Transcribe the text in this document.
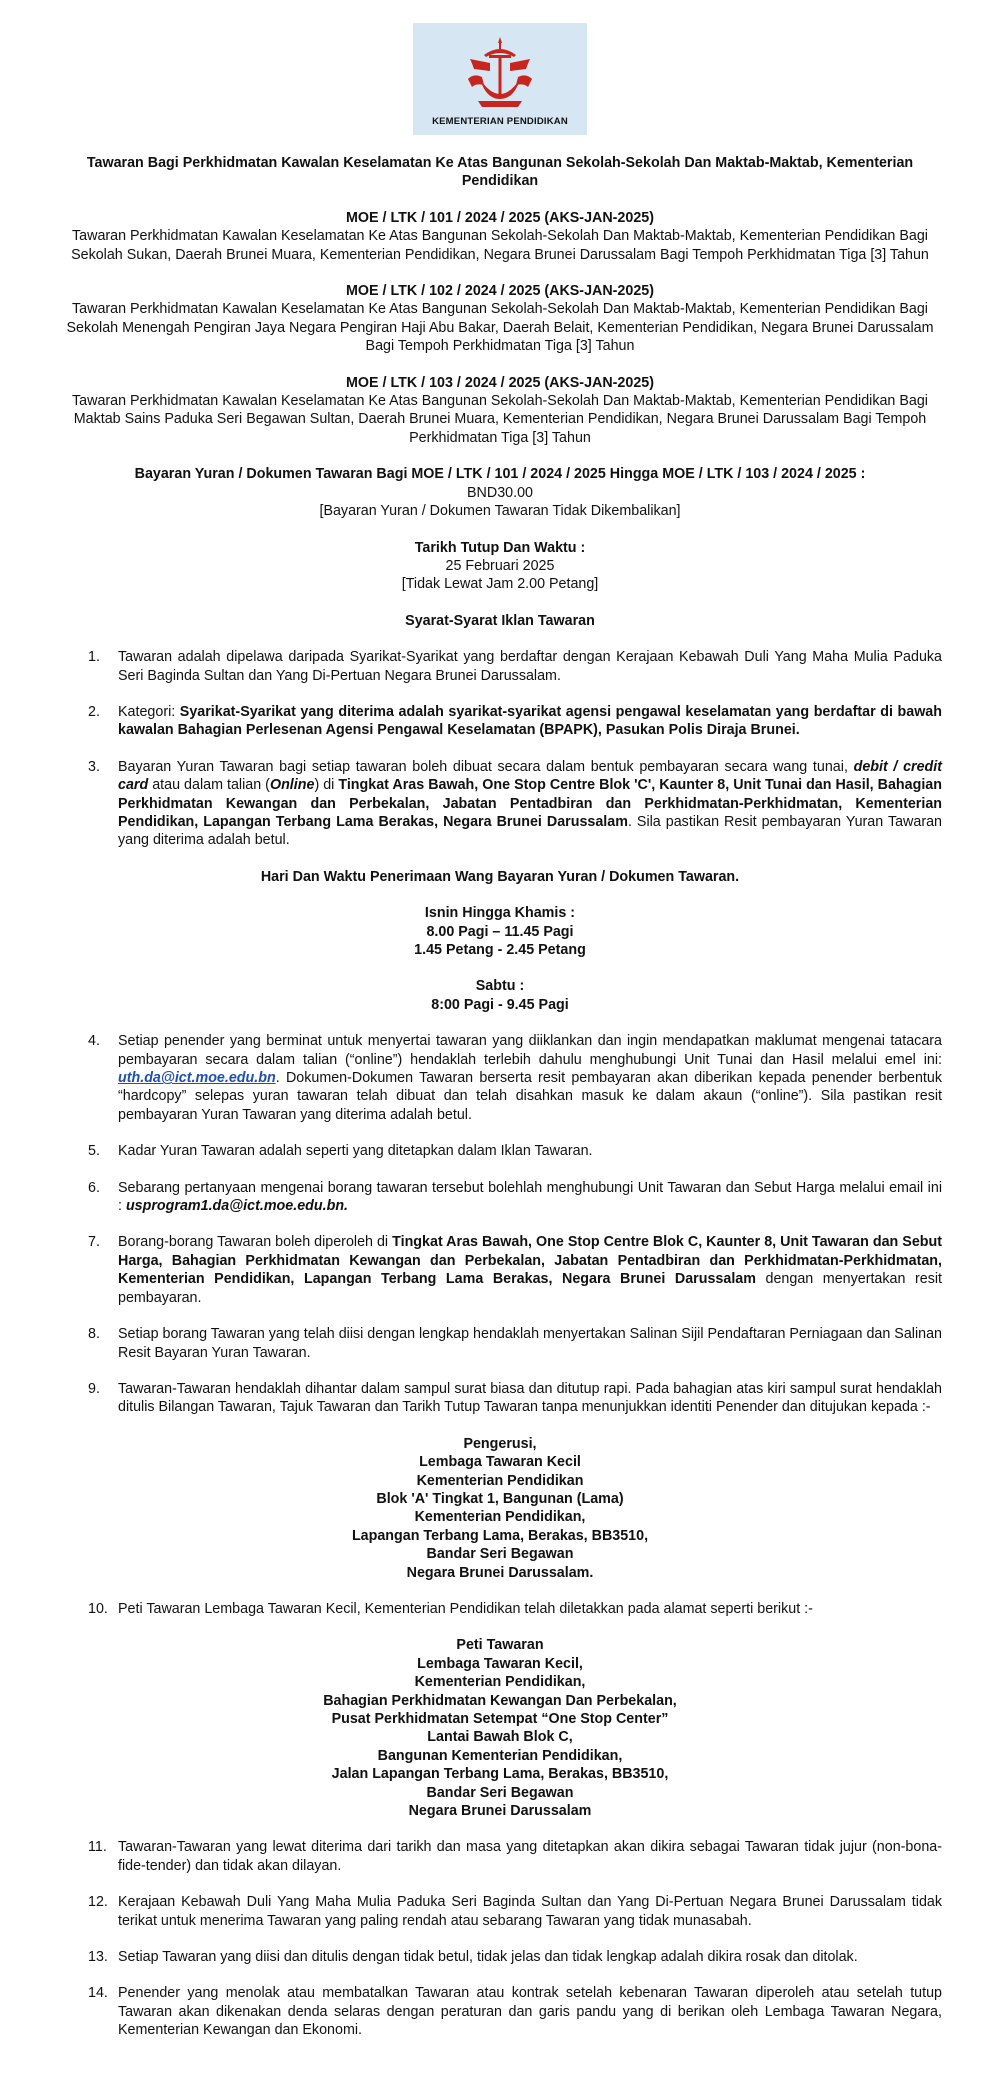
KEMENTERIAN PENDIDIKAN

Tawaran Bagi Perkhidmatan Kawalan Keselamatan Ke Atas Bangunan Sekolah-Sekolah Dan Maktab-Maktab, Kementerian Pendidikan

MOE / LTK / 101 / 2024 / 2025 (AKS-JAN-2025)

Tawaran Perkhidmatan Kawalan Keselamatan Ke Atas Bangunan Sekolah-Sekolah Dan Maktab-Maktab, Kementerian Pendidikan Bagi Sekolah Sukan, Daerah Brunei Muara, Kementerian Pendidikan, Negara Brunei Darussalam Bagi Tempoh Perkhidmatan Tiga [3] Tahun

MOE / LTK / 102 / 2024 / 2025 (AKS-JAN-2025)

Tawaran Perkhidmatan Kawalan Keselamatan Ke Atas Bangunan Sekolah-Sekolah Dan Maktab-Maktab, Kementerian Pendidikan Bagi Sekolah Menengah Pengiran Jaya Negara Pengiran Haji Abu Bakar, Daerah Belait, Kementerian Pendidikan, Negara Brunei Darussalam Bagi Tempoh Perkhidmatan Tiga [3] Tahun

MOE / LTK / 103 / 2024 / 2025 (AKS-JAN-2025)

Tawaran Perkhidmatan Kawalan Keselamatan Ke Atas Bangunan Sekolah-Sekolah Dan Maktab-Maktab, Kementerian Pendidikan Bagi Maktab Sains Paduka Seri Begawan Sultan, Daerah Brunei Muara, Kementerian Pendidikan, Negara Brunei Darussalam Bagi Tempoh Perkhidmatan Tiga [3] Tahun

Bayaran Yuran / Dokumen Tawaran Bagi MOE / LTK / 101 / 2024 / 2025 Hingga MOE / LTK / 103 / 2024 / 2025 :

BND30.00

[Bayaran Yuran / Dokumen Tawaran Tidak Dikembalikan]

Tarikh Tutup Dan Waktu :

25 Februari 2025

[Tidak Lewat Jam 2.00 Petang]

Syarat-Syarat Iklan Tawaran

1. Tawaran adalah dipelawa daripada Syarikat-Syarikat yang berdaftar dengan Kerajaan Kebawah Duli Yang Maha Mulia Paduka Seri Baginda Sultan dan Yang Di-Pertuan Negara Brunei Darussalam.
2. Kategori: Syarikat-Syarikat yang diterima adalah syarikat-syarikat agensi pengawal keselamatan yang berdaftar di bawah kawalan Bahagian Perlesenan Agensi Pengawal Keselamatan (BPAPK), Pasukan Polis Diraja Brunei.
3. Bayaran Yuran Tawaran bagi setiap tawaran boleh dibuat secara dalam bentuk pembayaran secara wang tunai, debit / credit card atau dalam talian (Online) di Tingkat Aras Bawah, One Stop Centre Blok 'C', Kaunter 8, Unit Tunai dan Hasil, Bahagian Perkhidmatan Kewangan dan Perbekalan, Jabatan Pentadbiran dan Perkhidmatan-Perkhidmatan, Kementerian Pendidikan, Lapangan Terbang Lama Berakas, Negara Brunei Darussalam. Sila pastikan Resit pembayaran Yuran Tawaran yang diterima adalah betul.

Hari Dan Waktu Penerimaan Wang Bayaran Yuran / Dokumen Tawaran.

Isnin Hingga Khamis :

8.00 Pagi – 11.45 Pagi

1.45 Petang - 2.45 Petang

Sabtu :

8:00 Pagi - 9.45 Pagi

4. Setiap penender yang berminat untuk menyertai tawaran yang diiklankan dan ingin mendapatkan maklumat mengenai tatacara pembayaran secara dalam talian (“online”) hendaklah terlebih dahulu menghubungi Unit Tunai dan Hasil melalui emel ini: uth.da@ict.moe.edu.bn. Dokumen-Dokumen Tawaran berserta resit pembayaran akan diberikan kepada penender berbentuk “hardcopy” selepas yuran tawaran telah dibuat dan telah disahkan masuk ke dalam akaun (“online”). Sila pastikan resit pembayaran Yuran Tawaran yang diterima adalah betul.
5. Kadar Yuran Tawaran adalah seperti yang ditetapkan dalam Iklan Tawaran.
6. Sebarang pertanyaan mengenai borang tawaran tersebut bolehlah menghubungi Unit Tawaran dan Sebut Harga melalui email ini : usprogram1.da@ict.moe.edu.bn.
7. Borang-borang Tawaran boleh diperoleh di Tingkat Aras Bawah, One Stop Centre Blok C, Kaunter 8, Unit Tawaran dan Sebut Harga, Bahagian Perkhidmatan Kewangan dan Perbekalan, Jabatan Pentadbiran dan Perkhidmatan-Perkhidmatan, Kementerian Pendidikan, Lapangan Terbang Lama Berakas, Negara Brunei Darussalam dengan menyertakan resit pembayaran.
8. Setiap borang Tawaran yang telah diisi dengan lengkap hendaklah menyertakan Salinan Sijil Pendaftaran Perniagaan dan Salinan Resit Bayaran Yuran Tawaran.
9. Tawaran-Tawaran hendaklah dihantar dalam sampul surat biasa dan ditutup rapi. Pada bahagian atas kiri sampul surat hendaklah ditulis Bilangan Tawaran, Tajuk Tawaran dan Tarikh Tutup Tawaran tanpa menunjukkan identiti Penender dan ditujukan kepada :-

Pengerusi,

Lembaga Tawaran Kecil

Kementerian Pendidikan

Blok 'A' Tingkat 1, Bangunan (Lama)

Kementerian Pendidikan,

Lapangan Terbang Lama, Berakas, BB3510,

Bandar Seri Begawan

Negara Brunei Darussalam.

10. Peti Tawaran Lembaga Tawaran Kecil, Kementerian Pendidikan telah diletakkan pada alamat seperti berikut :-

Peti Tawaran

Lembaga Tawaran Kecil,

Kementerian Pendidikan,

Bahagian Perkhidmatan Kewangan Dan Perbekalan,

Pusat Perkhidmatan Setempat “One Stop Center”

Lantai Bawah Blok C,

Bangunan Kementerian Pendidikan,

Jalan Lapangan Terbang Lama, Berakas, BB3510,

Bandar Seri Begawan

Negara Brunei Darussalam

11. Tawaran-Tawaran yang lewat diterima dari tarikh dan masa yang ditetapkan akan dikira sebagai Tawaran tidak jujur (non-bona-fide-tender) dan tidak akan dilayan.
12. Kerajaan Kebawah Duli Yang Maha Mulia Paduka Seri Baginda Sultan dan Yang Di-Pertuan Negara Brunei Darussalam tidak terikat untuk menerima Tawaran yang paling rendah atau sebarang Tawaran yang tidak munasabah.
13. Setiap Tawaran yang diisi dan ditulis dengan tidak betul, tidak jelas dan tidak lengkap adalah dikira rosak dan ditolak.
14. Penender yang menolak atau membatalkan Tawaran atau kontrak setelah kebenaran Tawaran diperoleh atau setelah tutup Tawaran akan dikenakan denda selaras dengan peraturan dan garis pandu yang di berikan oleh Lembaga Tawaran Negara, Kementerian Kewangan dan Ekonomi.
